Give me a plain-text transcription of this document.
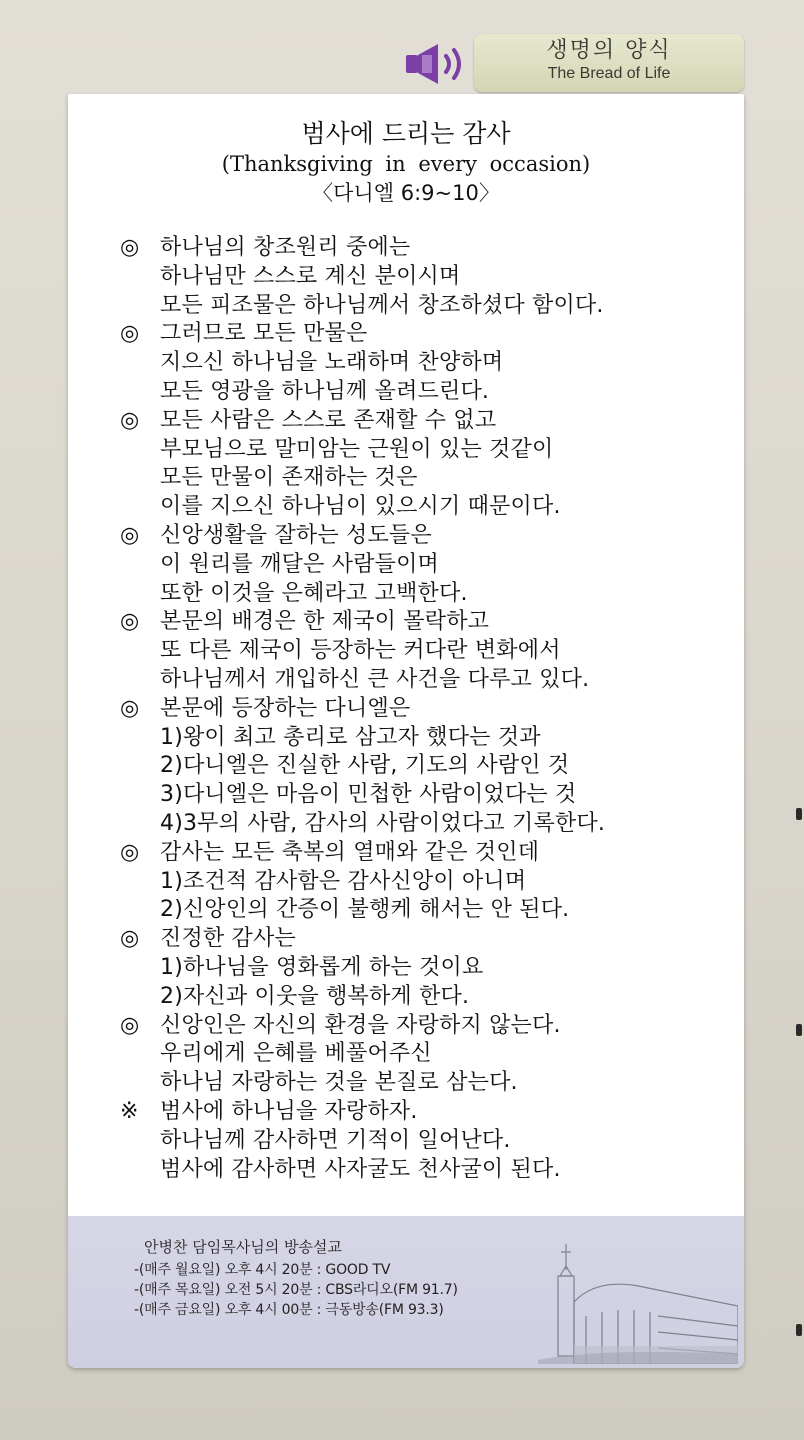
생명의 양식
The Bread of Life
범사에 드리는 감사
(Thanksgiving in every occasion)
〈다니엘 6:9~10〉
◎ 하나님의 창조원리 중에는
하나님만 스스로 계신 분이시며
모든 피조물은 하나님께서 창조하셨다 함이다.
◎ 그러므로 모든 만물은
지으신 하나님을 노래하며 찬양하며
모든 영광을 하나님께 올려드린다.
◎ 모든 사람은 스스로 존재할 수 없고
부모님으로 말미암는 근원이 있는 것같이
모든 만물이 존재하는 것은
이를 지으신 하나님이 있으시기 때문이다.
◎ 신앙생활을 잘하는 성도들은
이 원리를 깨달은 사람들이며
또한 이것을 은혜라고 고백한다.
◎ 본문의 배경은 한 제국이 몰락하고
또 다른 제국이 등장하는 커다란 변화에서
하나님께서 개입하신 큰 사건을 다루고 있다.
◎ 본문에 등장하는 다니엘은
1)왕이 최고 총리로 삼고자 했다는 것과
2)다니엘은 진실한 사람, 기도의 사람인 것
3)다니엘은 마음이 민첩한 사람이었다는 것
4)3무의 사람, 감사의 사람이었다고 기록한다.
◎ 감사는 모든 축복의 열매와 같은 것인데
1)조건적 감사함은 감사신앙이 아니며
2)신앙인의 간증이 불행케 해서는 안 된다.
◎ 진정한 감사는
1)하나님을 영화롭게 하는 것이요
2)자신과 이웃을 행복하게 한다.
◎ 신앙인은 자신의 환경을 자랑하지 않는다.
우리에게 은혜를 베풀어주신
하나님 자랑하는 것을 본질로 삼는다.
※ 범사에 하나님을 자랑하자.
하나님께 감사하면 기적이 일어난다.
범사에 감사하면 사자굴도 천사굴이 된다.
안병찬 담임목사님의 방송설교
-(매주 월요일) 오후 4시 20분 : GOOD TV
-(매주 목요일) 오전 5시 20분 : CBS라디오(FM 91.7)
-(매주 금요일) 오후 4시 00분 : 극동방송(FM 93.3)
